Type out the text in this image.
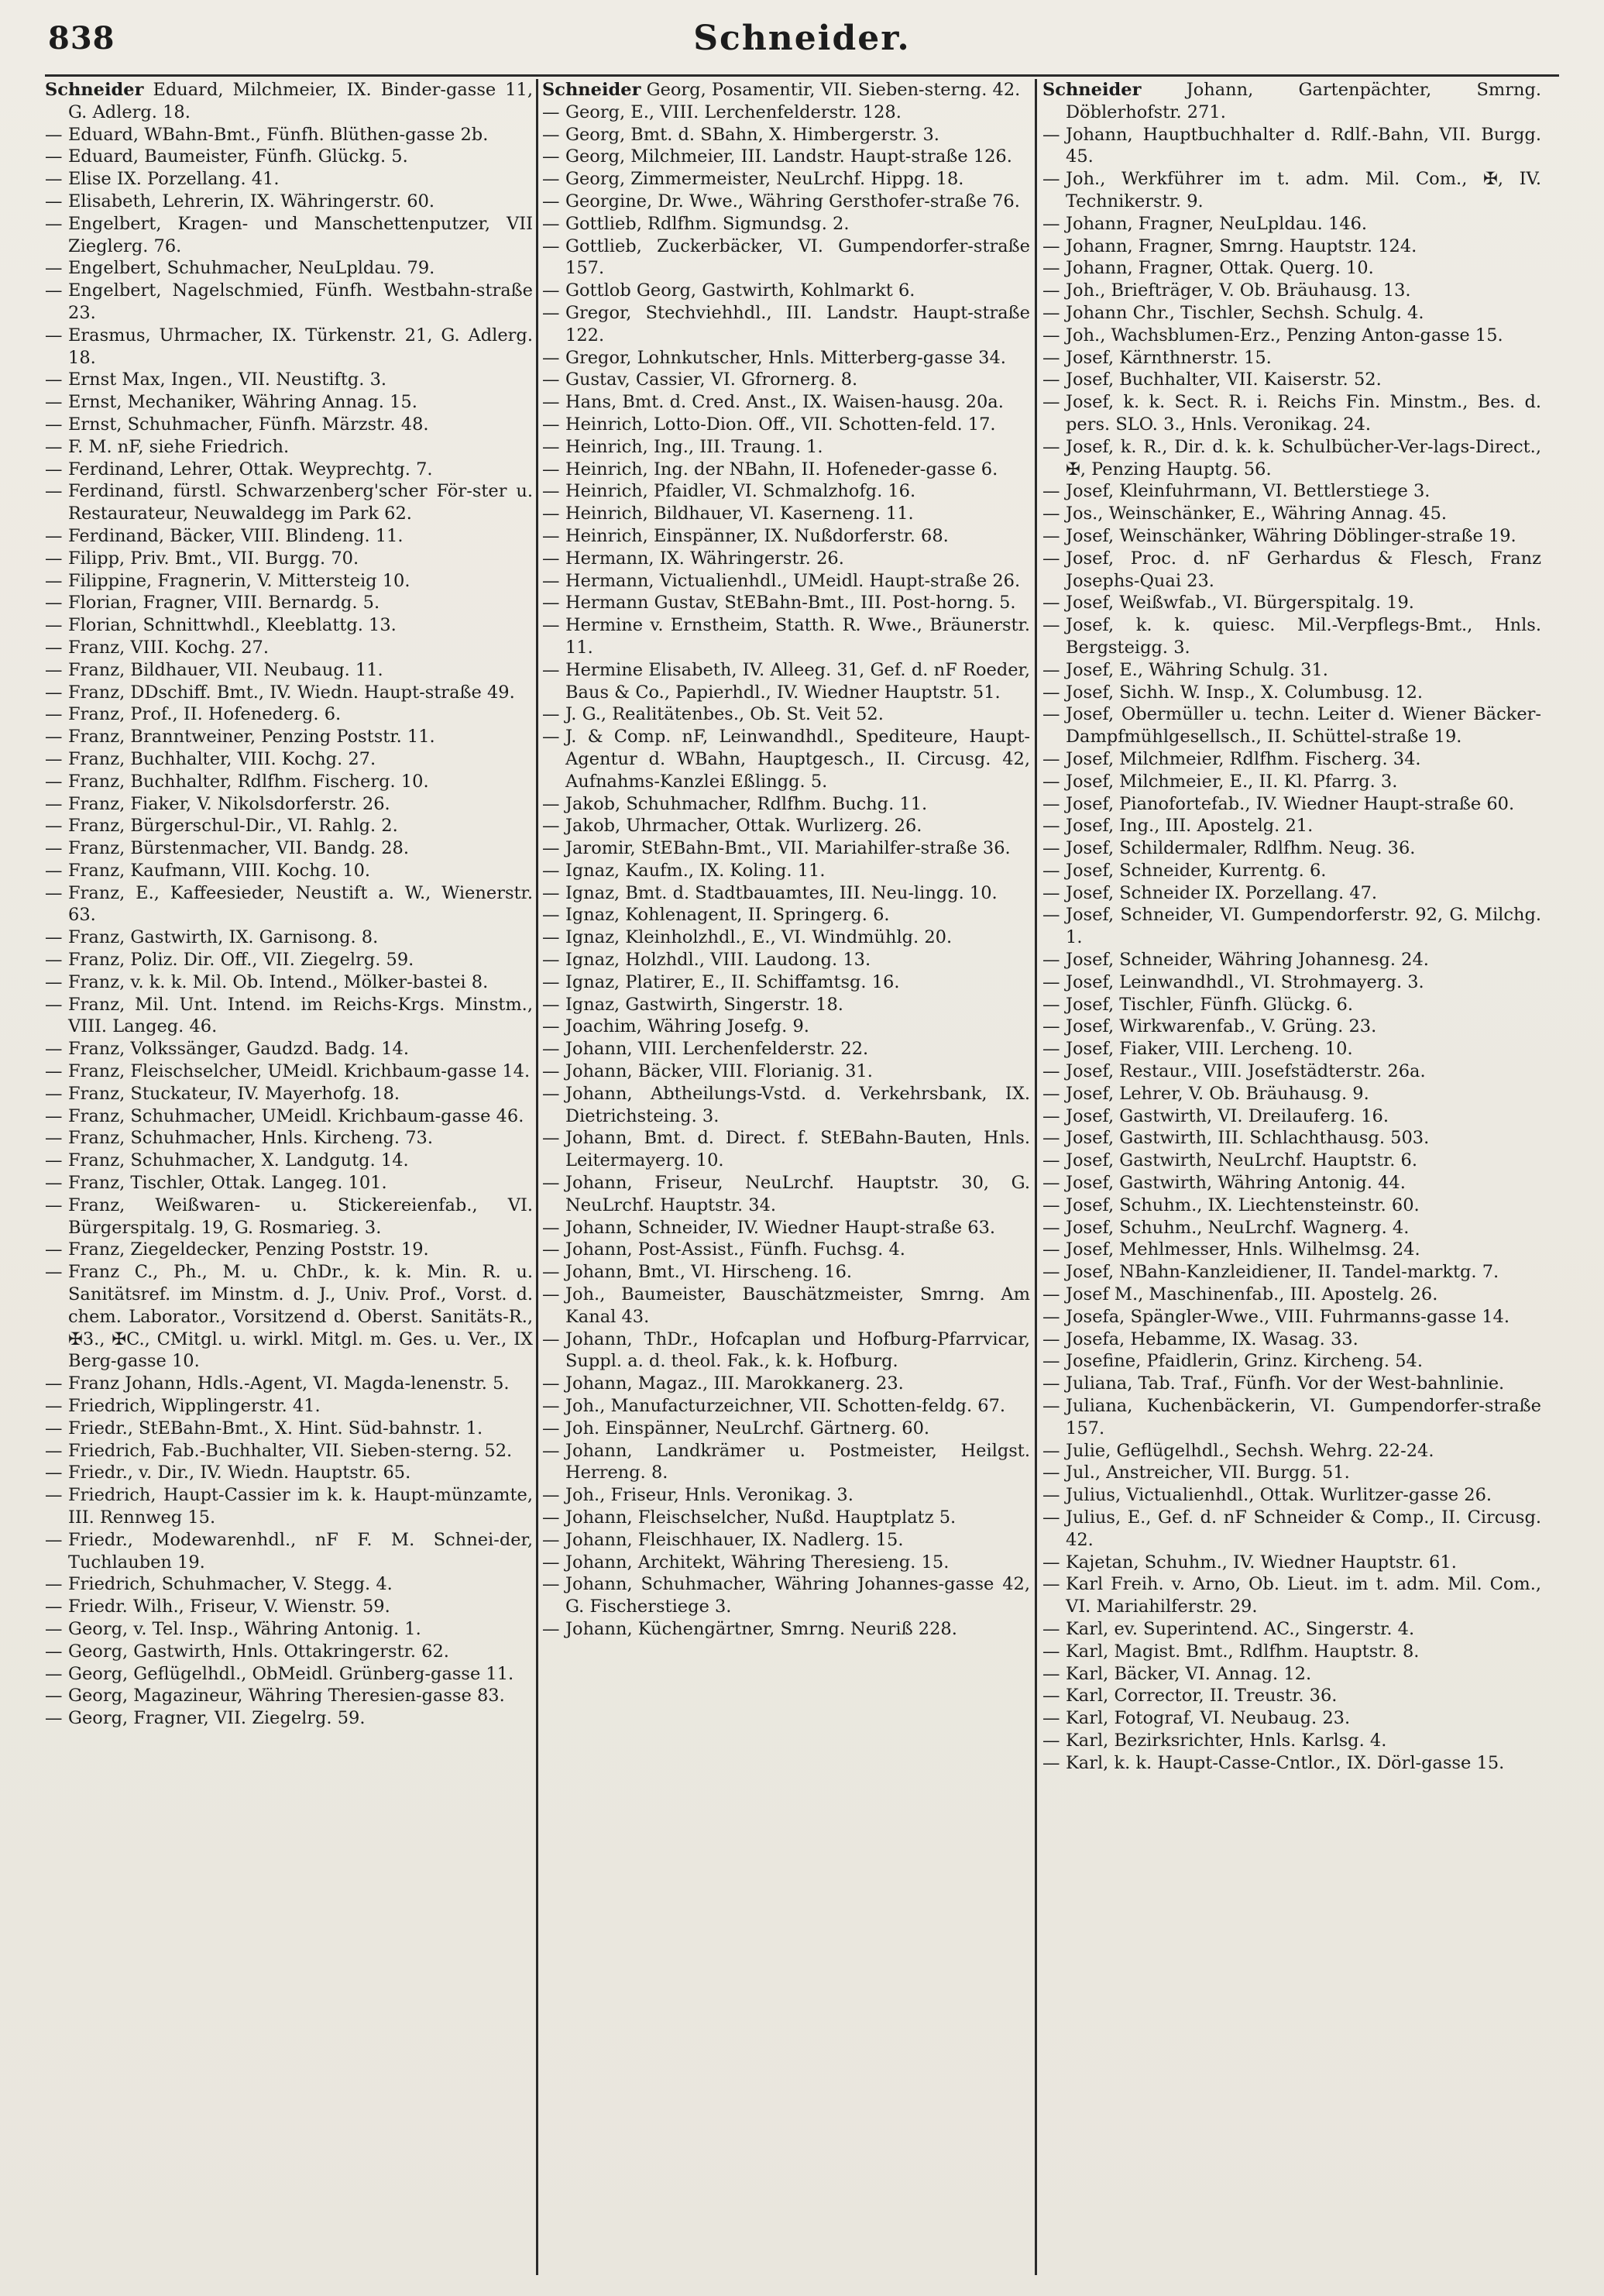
838	Schneider.
Schneider Eduard, Milchmeier, IX. Binder-gasse 11, G. Adlerg. 18.
— Eduard, WBahn-Bmt., Fünfh. Blüthen-gasse 2b.
— Eduard, Baumeister, Fünfh. Glückg. 5.
— Elise IX. Porzellang. 41.
— Elisabeth, Lehrerin, IX. Währingerstr. 60.
— Engelbert, Kragen- und Manschettenputzer, VII Zieglerg. 76.
— Engelbert, Schuhmacher, NeuLpldau. 79.
— Engelbert, Nagelschmied, Fünfh. Westbahn-straße 23.
— Erasmus, Uhrmacher, IX. Türkenstr. 21, G. Adlerg. 18.
— Ernst Max, Ingen., VII. Neustiftg. 3.
— Ernst, Mechaniker, Währing Annag. 15.
— Ernst, Schuhmacher, Fünfh. Märzstr. 48.
— F. M. nF, siehe Friedrich.
— Ferdinand, Lehrer, Ottak. Weyprechtg. 7.
— Ferdinand, fürstl. Schwarzenberg'scher För-ster u. Restaurateur, Neuwaldegg im Park 62.
— Ferdinand, Bäcker, VIII. Blindeng. 11.
— Filipp, Priv. Bmt., VII. Burgg. 70.
— Filippine, Fragnerin, V. Mittersteig 10.
— Florian, Fragner, VIII. Bernardg. 5.
— Florian, Schnittwhdl., Kleeblattg. 13.
— Franz, VIII. Kochg. 27.
— Franz, Bildhauer, VII. Neubaug. 11.
— Franz, DDschiff. Bmt., IV. Wiedn. Haupt-straße 49.
— Franz, Prof., II. Hofenederg. 6.
— Franz, Branntweiner, Penzing Poststr. 11.
— Franz, Buchhalter, VIII. Kochg. 27.
— Franz, Buchhalter, Rdlfhm. Fischerg. 10.
— Franz, Fiaker, V. Nikolsdorferstr. 26.
— Franz, Bürgerschul-Dir., VI. Rahlg. 2.
— Franz, Bürstenmacher, VII. Bandg. 28.
— Franz, Kaufmann, VIII. Kochg. 10.
— Franz, E., Kaffeesieder, Neustift a. W., Wienerstr. 63.
— Franz, Gastwirth, IX. Garnisong. 8.
— Franz, Poliz. Dir. Off., VII. Ziegelrg. 59.
— Franz, v. k. k. Mil. Ob. Intend., Mölker-bastei 8.
— Franz, Mil. Unt. Intend. im Reichs-Krgs. Minstm., VIII. Langeg. 46.
— Franz, Volkssänger, Gaudzd. Badg. 14.
— Franz, Fleischselcher, UMeidl. Krichbaum-gasse 14.
— Franz, Stuckateur, IV. Mayerhofg. 18.
— Franz, Schuhmacher, UMeidl. Krichbaum-gasse 46.
— Franz, Schuhmacher, Hnls. Kircheng. 73.
— Franz, Schuhmacher, X. Landgutg. 14.
— Franz, Tischler, Ottak. Langeg. 101.
— Franz, Weißwaren- u. Stickereienfab., VI. Bürgerspitalg. 19, G. Rosmarieg. 3.
— Franz, Ziegeldecker, Penzing Poststr. 19.
— Franz C., Ph., M. u. ChDr., k. k. Min. R. u. Sanitätsref. im Minstm. d. J., Univ. Prof., Vorst. d. chem. Laborator., Vorsitzend d. Oberst. Sanitäts-R., ✠3., ✠C., CMitgl. u. wirkl. Mitgl. m. Ges. u. Ver., IX Berg-gasse 10.
— Franz Johann, Hdls.-Agent, VI. Magda-lenenstr. 5.
— Friedrich, Wipplingerstr. 41.
— Friedr., StEBahn-Bmt., X. Hint. Süd-bahnstr. 1.
— Friedrich, Fab.-Buchhalter, VII. Sieben-sterng. 52.
— Friedr., v. Dir., IV. Wiedn. Hauptstr. 65.
— Friedrich, Haupt-Cassier im k. k. Haupt-münzamte, III. Rennweg 15.
— Friedr., Modewarenhdl., nF F. M. Schnei-der, Tuchlauben 19.
— Friedrich, Schuhmacher, V. Stegg. 4.
— Friedr. Wilh., Friseur, V. Wienstr. 59.
— Georg, v. Tel. Insp., Währing Antonig. 1.
— Georg, Gastwirth, Hnls. Ottakringerstr. 62.
— Georg, Geflügelhdl., ObMeidl. Grünberg-gasse 11.
— Georg, Magazineur, Währing Theresien-gasse 83.
— Georg, Fragner, VII. Ziegelrg. 59.
Schneider Georg, Posamentir, VII. Sieben-sterng. 42.
— Georg, E., VIII. Lerchenfelderstr. 128.
— Georg, Bmt. d. SBahn, X. Himbergerstr. 3.
— Georg, Milchmeier, III. Landstr. Haupt-straße 126.
— Georg, Zimmermeister, NeuLrchf. Hippg. 18.
— Georgine, Dr. Wwe., Währing Gersthofer-straße 76.
— Gottlieb, Rdlfhm. Sigmundsg. 2.
— Gottlieb, Zuckerbäcker, VI. Gumpendorfer-straße 157.
— Gottlob Georg, Gastwirth, Kohlmarkt 6.
— Gregor, Stechviehhdl., III. Landstr. Haupt-straße 122.
— Gregor, Lohnkutscher, Hnls. Mitterberg-gasse 34.
— Gustav, Cassier, VI. Gfrornerg. 8.
— Hans, Bmt. d. Cred. Anst., IX. Waisen-hausg. 20a.
— Heinrich, Lotto-Dion. Off., VII. Schotten-feld. 17.
— Heinrich, Ing., III. Traung. 1.
— Heinrich, Ing. der NBahn, II. Hofeneder-gasse 6.
— Heinrich, Pfaidler, VI. Schmalzhofg. 16.
— Heinrich, Bildhauer, VI. Kaserneng. 11.
— Heinrich, Einspänner, IX. Nußdorferstr. 68.
— Hermann, IX. Währingerstr. 26.
— Hermann, Victualienhdl., UMeidl. Haupt-straße 26.
— Hermann Gustav, StEBahn-Bmt., III. Post-horng. 5.
— Hermine v. Ernstheim, Statth. R. Wwe., Bräunerstr. 11.
— Hermine Elisabeth, IV. Alleeg. 31, Gef. d. nF Roeder, Baus & Co., Papierhdl., IV. Wiedner Hauptstr. 51.
— J. G., Realitätenbes., Ob. St. Veit 52.
— J. & Comp. nF, Leinwandhdl., Spediteure, Haupt-Agentur d. WBahn, Hauptgesch., II. Circusg. 42, Aufnahms-Kanzlei Eßlingg. 5.
— Jakob, Schuhmacher, Rdlfhm. Buchg. 11.
— Jakob, Uhrmacher, Ottak. Wurlizerg. 26.
— Jaromir, StEBahn-Bmt., VII. Mariahilfer-straße 36.
— Ignaz, Kaufm., IX. Koling. 11.
— Ignaz, Bmt. d. Stadtbauamtes, III. Neu-lingg. 10.
— Ignaz, Kohlenagent, II. Springerg. 6.
— Ignaz, Kleinholzhdl., E., VI. Windmühlg. 20.
— Ignaz, Holzhdl., VIII. Laudong. 13.
— Ignaz, Platirer, E., II. Schiffamtsg. 16.
— Ignaz, Gastwirth, Singerstr. 18.
— Joachim, Währing Josefg. 9.
— Johann, VIII. Lerchenfelderstr. 22.
— Johann, Bäcker, VIII. Florianig. 31.
— Johann, Abtheilungs-Vstd. d. Verkehrsbank, IX. Dietrichsteing. 3.
— Johann, Bmt. d. Direct. f. StEBahn-Bauten, Hnls. Leitermayerg. 10.
— Johann, Friseur, NeuLrchf. Hauptstr. 30, G. NeuLrchf. Hauptstr. 34.
— Johann, Schneider, IV. Wiedner Haupt-straße 63.
— Johann, Post-Assist., Fünfh. Fuchsg. 4.
— Johann, Bmt., VI. Hirscheng. 16.
— Joh., Baumeister, Bauschätzmeister, Smrng. Am Kanal 43.
— Johann, ThDr., Hofcaplan und Hofburg-Pfarrvicar, Suppl. a. d. theol. Fak., k. k. Hofburg.
— Johann, Magaz., III. Marokkanerg. 23.
— Joh., Manufacturzeichner, VII. Schotten-feldg. 67.
— Joh. Einspänner, NeuLrchf. Gärtnerg. 60.
— Johann, Landkrämer u. Postmeister, Heilgst. Herreng. 8.
— Joh., Friseur, Hnls. Veronikag. 3.
— Johann, Fleischselcher, Nußd. Hauptplatz 5.
— Johann, Fleischhauer, IX. Nadlerg. 15.
— Johann, Architekt, Währing Theresieng. 15.
— Johann, Schuhmacher, Währing Johannes-gasse 42, G. Fischerstiege 3.
— Johann, Küchengärtner, Smrng. Neuriß 228.
Schneider	Johann, Gartenpächter, Smrng. Döblerhofstr. 271.
— Johann, Hauptbuchhalter d. Rdlf.-Bahn, VII. Burgg. 45.
— Joh., Werkführer im t. adm. Mil. Com., ✠, IV. Technikerstr. 9.
— Johann, Fragner, NeuLpldau. 146.
— Johann, Fragner, Smrng. Hauptstr. 124.
— Johann, Fragner, Ottak. Querg. 10.
— Joh., Briefträger, V. Ob. Bräuhausg. 13.
— Johann Chr., Tischler, Sechsh. Schulg. 4.
— Joh., Wachsblumen-Erz., Penzing Anton-gasse 15.
— Josef, Kärnthnerstr. 15.
— Josef, Buchhalter, VII. Kaiserstr. 52.
— Josef, k. k. Sect. R. i. Reichs Fin. Minstm., Bes. d. pers. SLO. 3., Hnls. Veronikag. 24.
— Josef, k. R., Dir. d. k. k. Schulbücher-Ver-lags-Direct., ✠, Penzing Hauptg. 56.
— Josef, Kleinfuhrmann, VI. Bettlerstiege 3.
— Jos., Weinschänker, E., Währing Annag. 45.
— Josef, Weinschänker, Währing Döblinger-straße 19.
— Josef, Proc. d. nF Gerhardus & Flesch, Franz Josephs-Quai 23.
— Josef, Weißwfab., VI. Bürgerspitalg. 19.
— Josef, k. k. quiesc. Mil.-Verpflegs-Bmt., Hnls. Bergsteigg. 3.
— Josef, E., Währing Schulg. 31.
— Josef, Sichh. W. Insp., X. Columbusg. 12.
— Josef, Obermüller u. techn. Leiter d. Wiener Bäcker-Dampfmühlgesellsch., II. Schüttel-straße 19.
— Josef, Milchmeier, Rdlfhm. Fischerg. 34.
— Josef, Milchmeier, E., II. Kl. Pfarrg. 3.
— Josef, Pianofortefab., IV. Wiedner Haupt-straße 60.
— Josef, Ing., III. Apostelg. 21.
— Josef, Schildermaler, Rdlfhm. Neug. 36.
— Josef, Schneider, Kurrentg. 6.
— Josef, Schneider IX. Porzellang. 47.
— Josef, Schneider, VI. Gumpendorferstr. 92, G. Milchg. 1.
— Josef, Schneider, Währing Johannesg. 24.
— Josef, Leinwandhdl., VI. Strohmayerg. 3.
— Josef, Tischler, Fünfh. Glückg. 6.
— Josef, Wirkwarenfab., V. Grüng. 23.
— Josef, Fiaker, VIII. Lercheng. 10.
— Josef, Restaur., VIII. Josefstädterstr. 26a.
— Josef, Lehrer, V. Ob. Bräuhausg. 9.
— Josef, Gastwirth, VI. Dreilauferg. 16.
— Josef, Gastwirth, III. Schlachthausg. 503.
— Josef, Gastwirth, NeuLrchf. Hauptstr. 6.
— Josef, Gastwirth, Währing Antonig. 44.
— Josef, Schuhm., IX. Liechtensteinstr. 60.
— Josef, Schuhm., NeuLrchf. Wagnerg. 4.
— Josef, Mehlmesser, Hnls. Wilhelmsg. 24.
— Josef, NBahn-Kanzleidiener, II. Tandel-marktg. 7.
— Josef M., Maschinenfab., III. Apostelg. 26.
— Josefa, Spängler-Wwe., VIII. Fuhrmanns-gasse 14.
— Josefa, Hebamme, IX. Wasag. 33.
— Josefine, Pfaidlerin, Grinz. Kircheng. 54.
— Juliana, Tab. Traf., Fünfh. Vor der West-bahnlinie.
— Juliana, Kuchenbäckerin, VI. Gumpendorfer-straße 157.
— Julie, Geflügelhdl., Sechsh. Wehrg. 22-24.
— Jul., Anstreicher, VII. Burgg. 51.
— Julius, Victualienhdl., Ottak. Wurlitzer-gasse 26.
— Julius, E., Gef. d. nF Schneider & Comp., II. Circusg. 42.
— Kajetan, Schuhm., IV. Wiedner Hauptstr. 61.
— Karl Freih. v. Arno, Ob. Lieut. im t. adm. Mil. Com., VI. Mariahilferstr. 29.
— Karl, ev. Superintend. AC., Singerstr. 4.
— Karl, Magist. Bmt., Rdlfhm. Hauptstr. 8.
— Karl, Bäcker, VI. Annag. 12.
— Karl, Corrector, II. Treustr. 36.
— Karl, Fotograf, VI. Neubaug. 23.
— Karl, Bezirksrichter, Hnls. Karlsg. 4.
— Karl, k. k. Haupt-Casse-Cntlor., IX. Dörl-gasse 15.
